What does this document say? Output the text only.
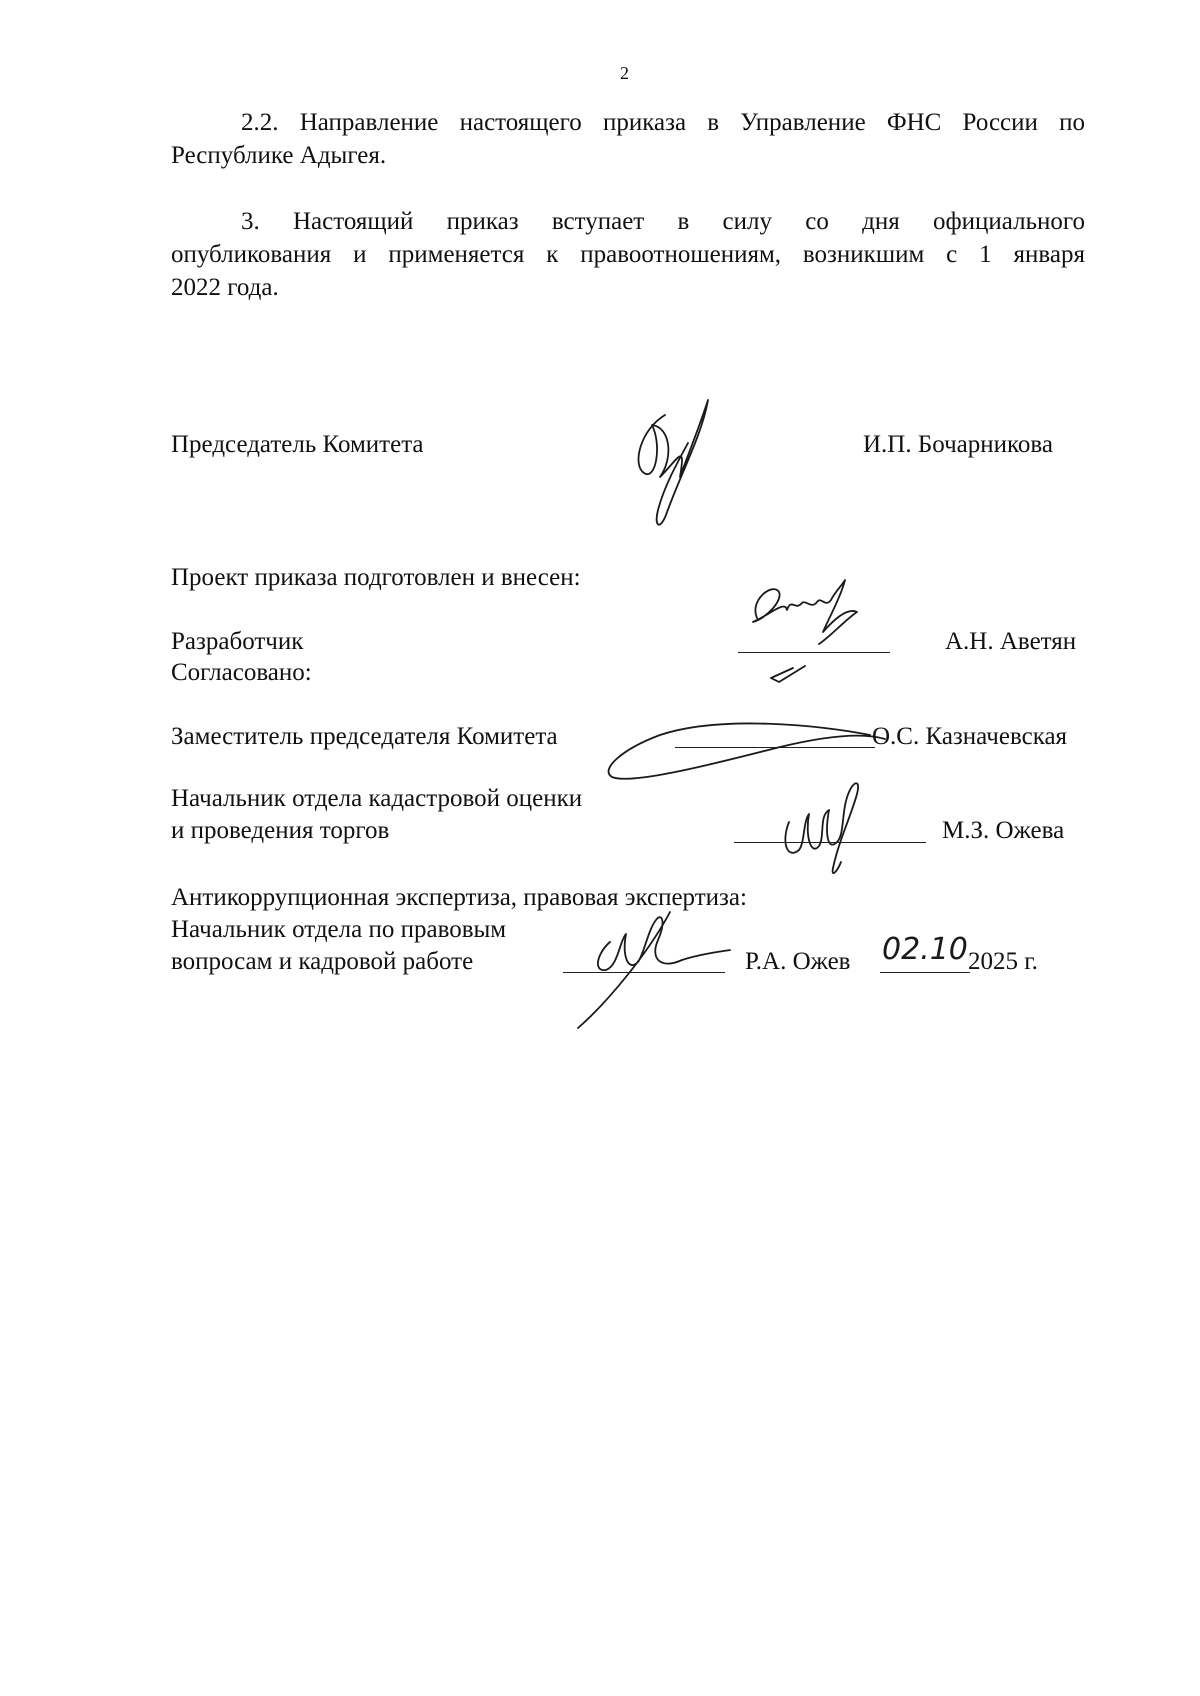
2
2.2. Направление настоящего приказа в Управление ФНС России по
Республике Адыгея.
3. Настоящий приказ вступает в силу со дня официального
опубликования и применяется к правоотношениям, возникшим с 1 января
2022 года.
Председатель Комитета	И.П. Бочарникова
Проект приказа подготовлен и внесен:
Разработчик	А.Н. Аветян
Согласовано:
Заместитель председателя Комитета	О.С. Казначевская
Начальник отдела кадастровой оценки
и проведения торгов	М.З. Ожева
Антикоррупционная экспертиза, правовая экспертиза:
Начальник отдела по правовым
вопросам и кадровой работе	Р.А. Ожев 02.10 2025 г.
